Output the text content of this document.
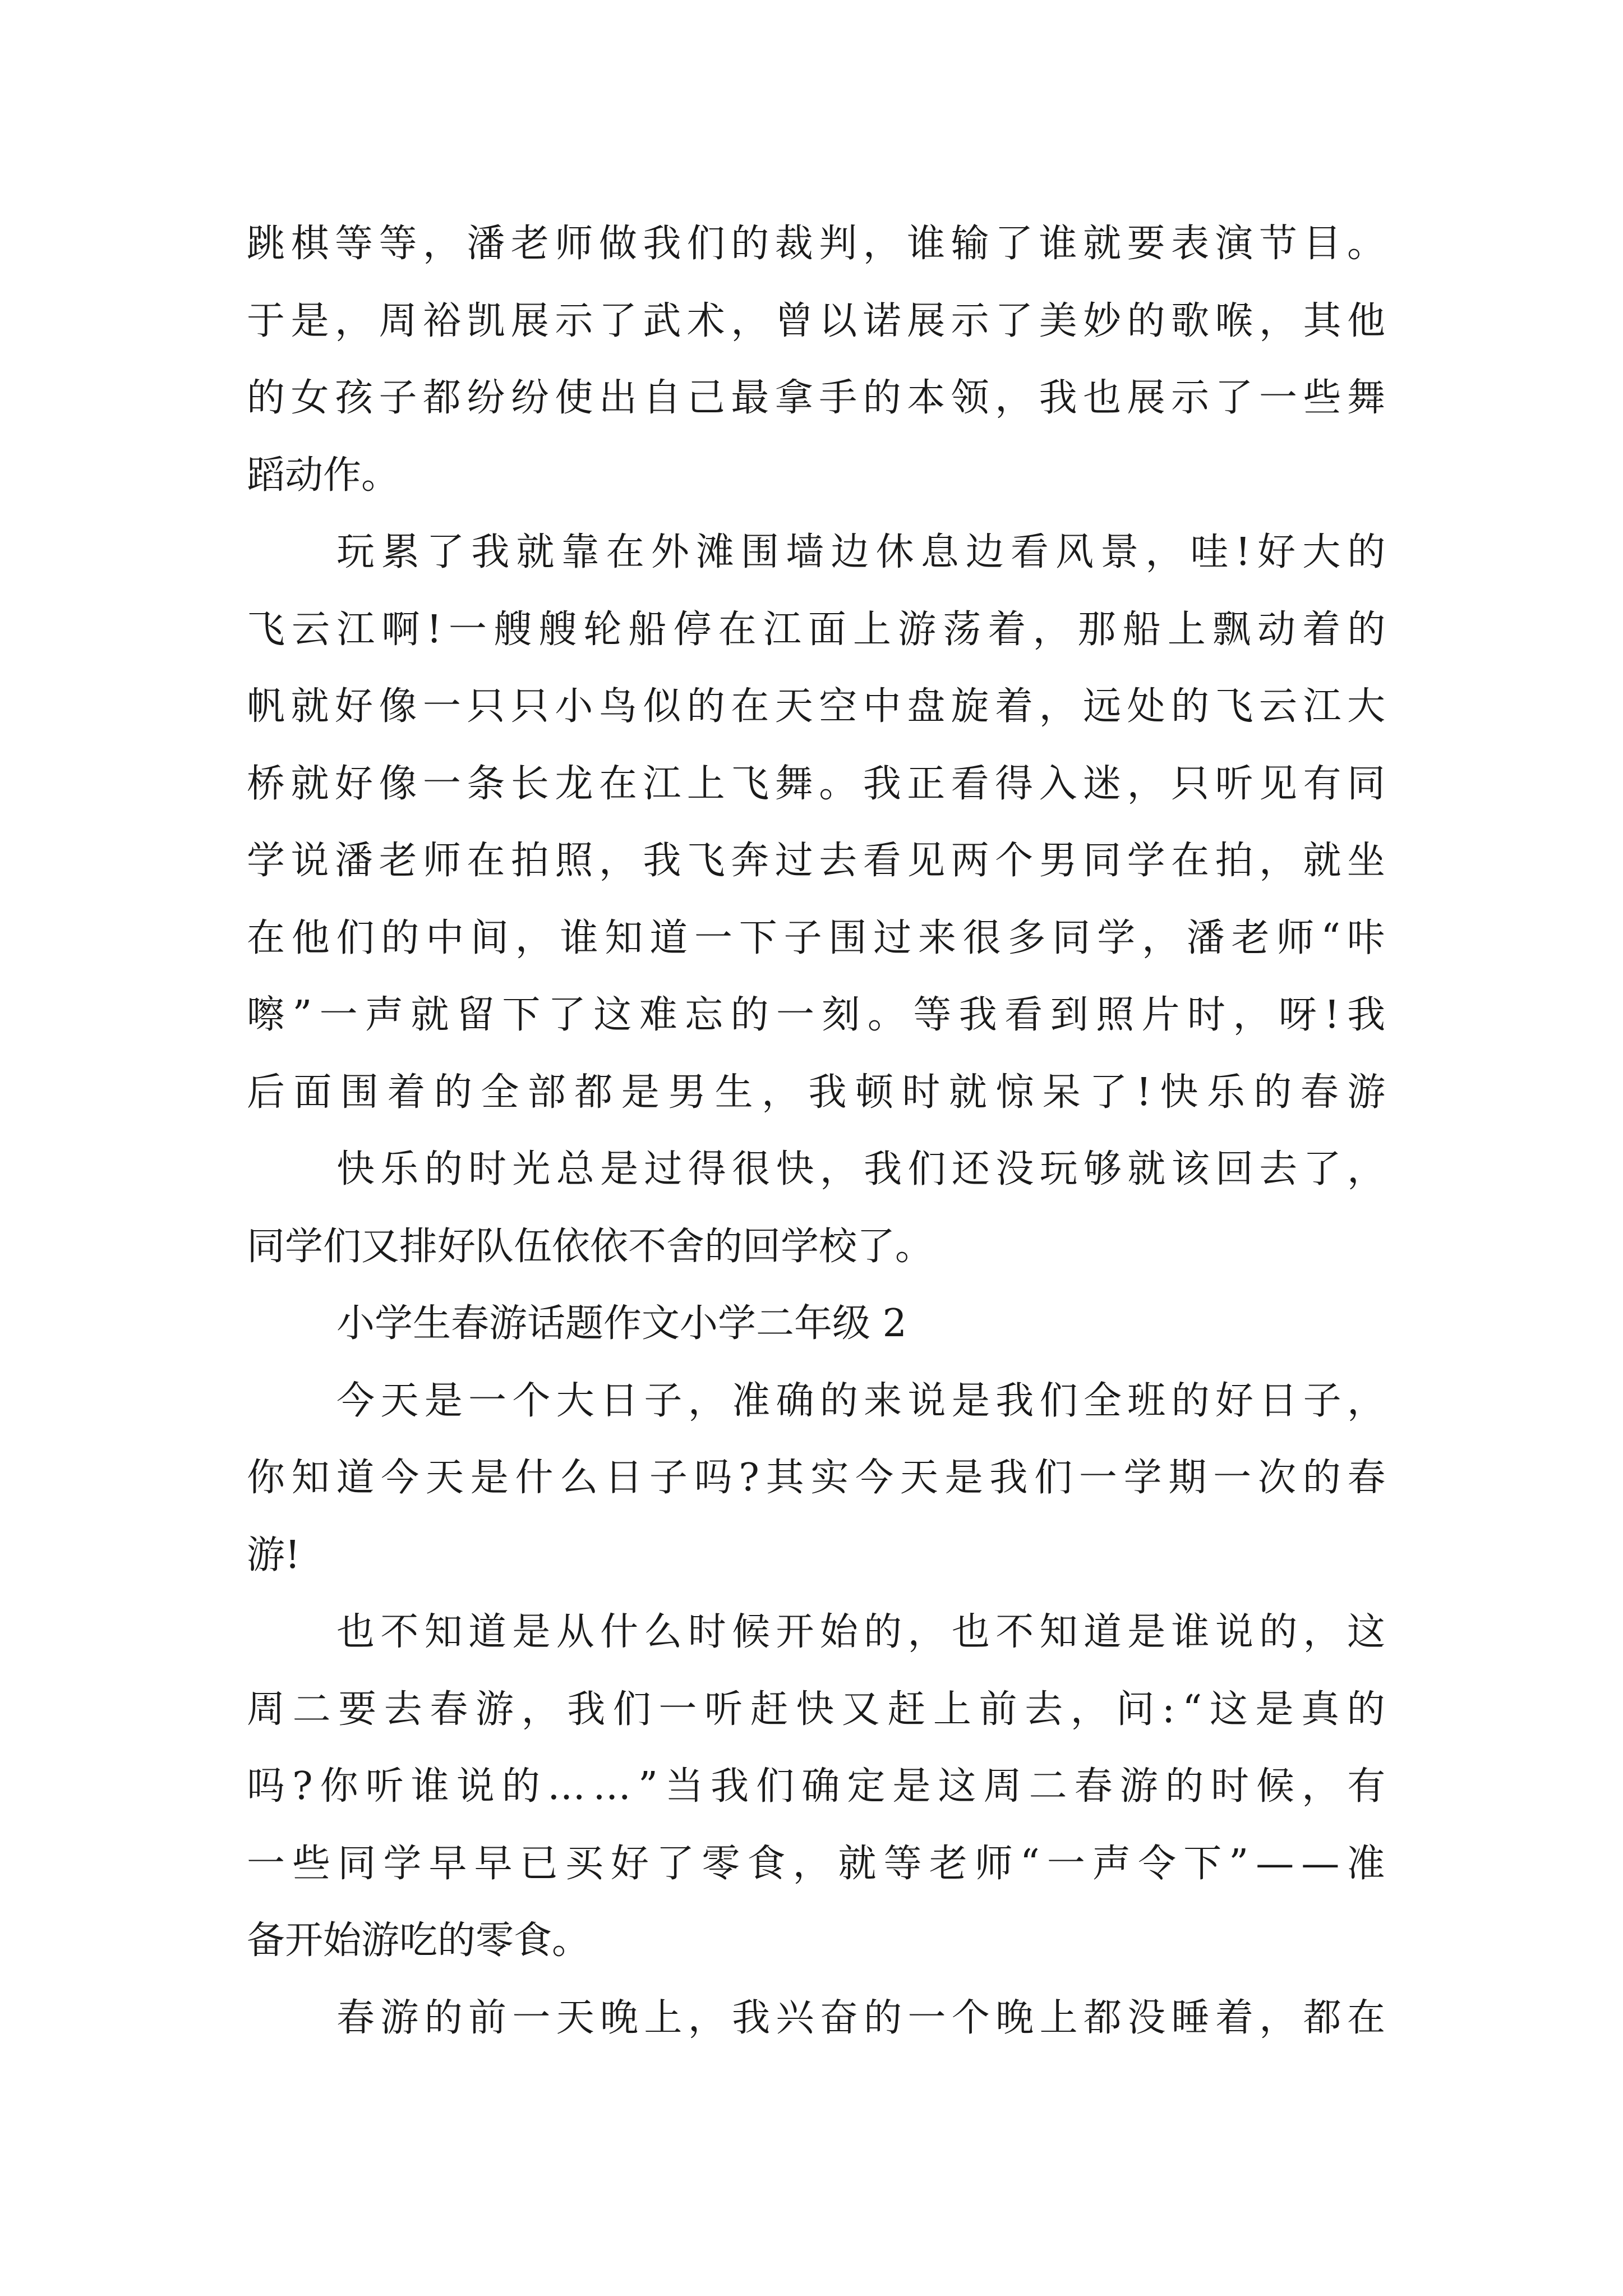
跳棋等等，潘老师做我们的裁判，谁输了谁就要表演节目。
于是，周裕凯展示了武术，曾以诺展示了美妙的歌喉，其他
的女孩子都纷纷使出自己最拿手的本领，我也展示了一些舞
蹈动作。
玩累了我就靠在外滩围墙边休息边看风景，哇!好大的
飞云江啊!一艘艘轮船停在江面上游荡着，那船上飘动着的
帆就好像一只只小鸟似的在天空中盘旋着，远处的飞云江大
桥就好像一条长龙在江上飞舞。我正看得入迷，只听见有同
学说潘老师在拍照，我飞奔过去看见两个男同学在拍，就坐
在他们的中间，谁知道一下子围过来很多同学，潘老师“咔
嚓”一声就留下了这难忘的一刻。等我看到照片时，呀!我
后面围着的全部都是男生，我顿时就惊呆了!快乐的春游
快乐的时光总是过得很快，我们还没玩够就该回去了，
同学们又排好队伍依依不舍的回学校了。
小学生春游话题作文小学二年级 2
今天是一个大日子，准确的来说是我们全班的好日子，
你知道今天是什么日子吗?其实今天是我们一学期一次的春
游!
也不知道是从什么时候开始的，也不知道是谁说的，这
周二要去春游，我们一听赶快又赶上前去，问:“这是真的
吗?你听谁说的……”当我们确定是这周二春游的时候，有
一些同学早早已买好了零食，就等老师“一声令下”——准
备开始游吃的零食。
春游的前一天晚上，我兴奋的一个晚上都没睡着，都在
